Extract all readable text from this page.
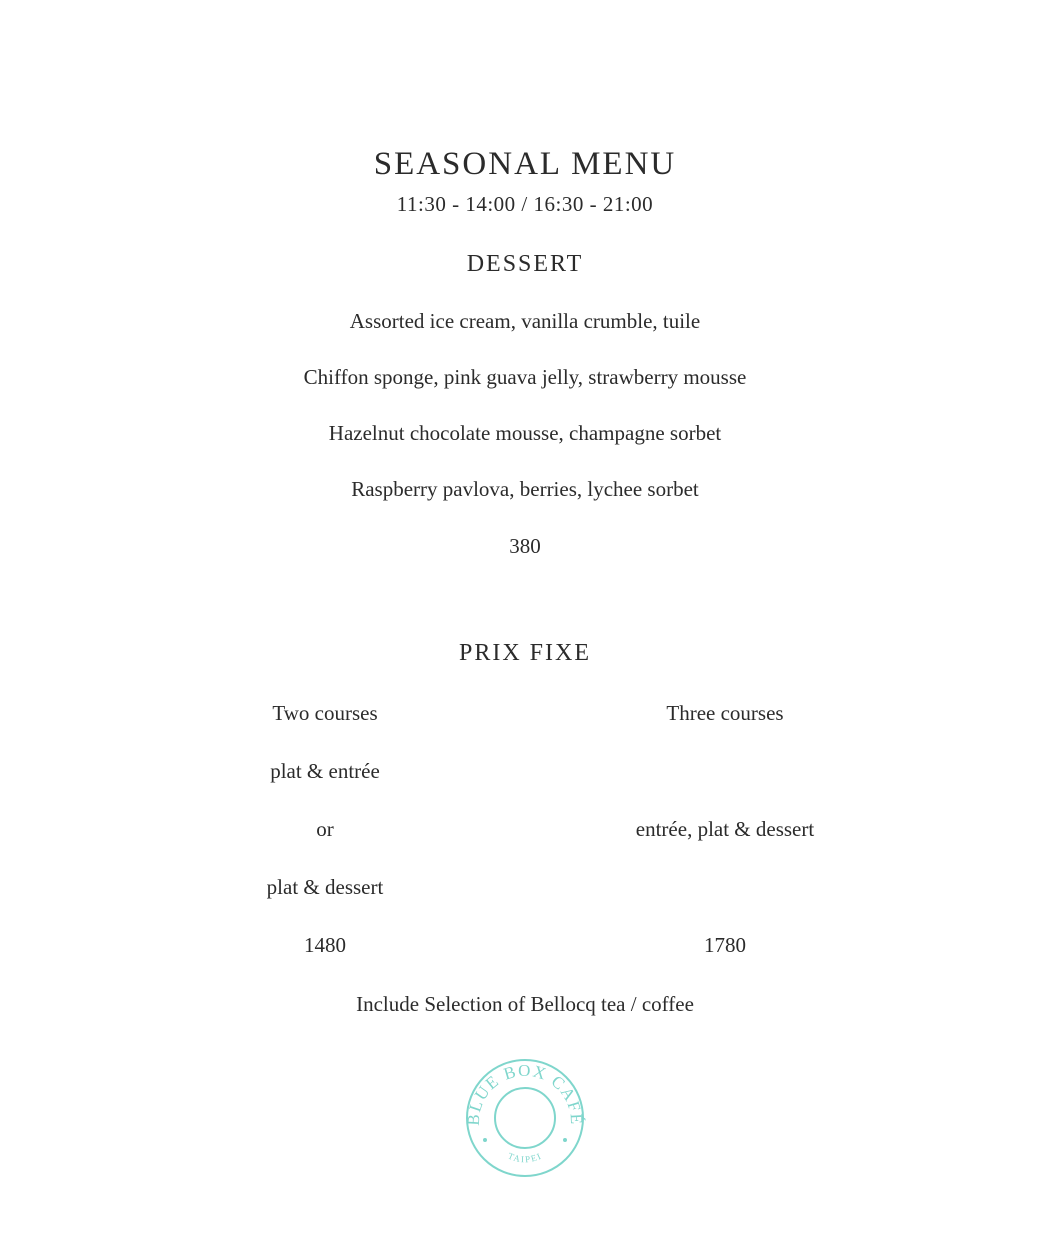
SEASONAL MENU
11:30 - 14:00 / 16:30 - 21:00
DESSERT
Assorted ice cream, vanilla crumble, tuile
Chiffon sponge, pink guava jelly, strawberry mousse
Hazelnut chocolate mousse, champagne sorbet
Raspberry pavlova, berries, lychee sorbet
380
PRIX FIXE
Two courses
plat & entrée
or
plat & dessert
1480
Three courses
entrée, plat & dessert
1780
Include Selection of Bellocq tea / coffee
BLUE BOX CAFÉ
TAIPEI
